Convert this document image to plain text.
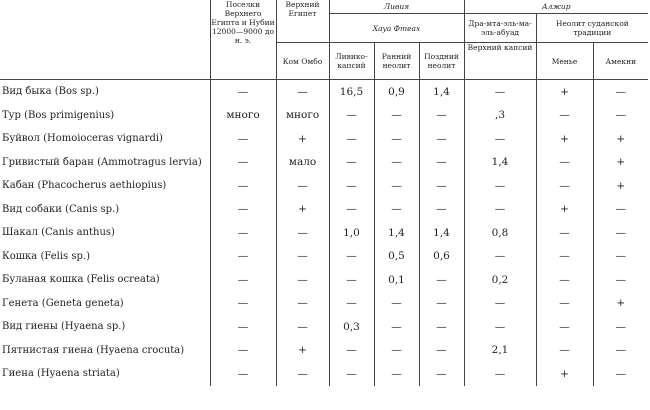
	Поселки Верхнего Египта и Нубии 12000—9000 до н. э.	Верхний Египет	Ливия			Алжир		
			Хауа Фтеах			Дра-мта-эль-ма-эль-абуад	Неолит суданской традиции	
		Ком Омбо	Ливико-капсий	Ранний неолит	Поздний неолит	Верхний капсий	Менье	Амекни
Вид быка (Bos sp.)	—	—	16,5	0,9	1,4	—	+	—
Тур (Bos primigenius)	много	много	—	—	—	,3	—	—
Буйвол (Homoioceras vignardi)	—	+	—	—	—	—	+	+
Гривистый баран (Ammotragus lervia)	—	мало	—	—	—	1,4	—	+
Кабан (Phacocherus aethiopius)	—	—	—	—	—	—	—	+
Вид собаки (Canis sp.)	—	+	—	—	—	—	+	—
Шакал (Canis anthus)	—	—	1,0	1,4	1,4	0,8	—	—
Кошка (Felis sp.)	—	—	—	0,5	0,6	—	—	—
Буланая кошка (Felis ocreata)	—	—	—	0,1	—	0,2	—	—
Генета (Geneta geneta)	—	—	—	—	—	—	—	+
Вид гиены (Hyaena sp.)	—	—	0,3	—	—	—	—	—
Пятнистая гиена (Hyaena crocuta)	—	+	—	—	—	2,1	—	—
Гиена (Hyaena striata)	—	—	—	—	—	—	+	—
